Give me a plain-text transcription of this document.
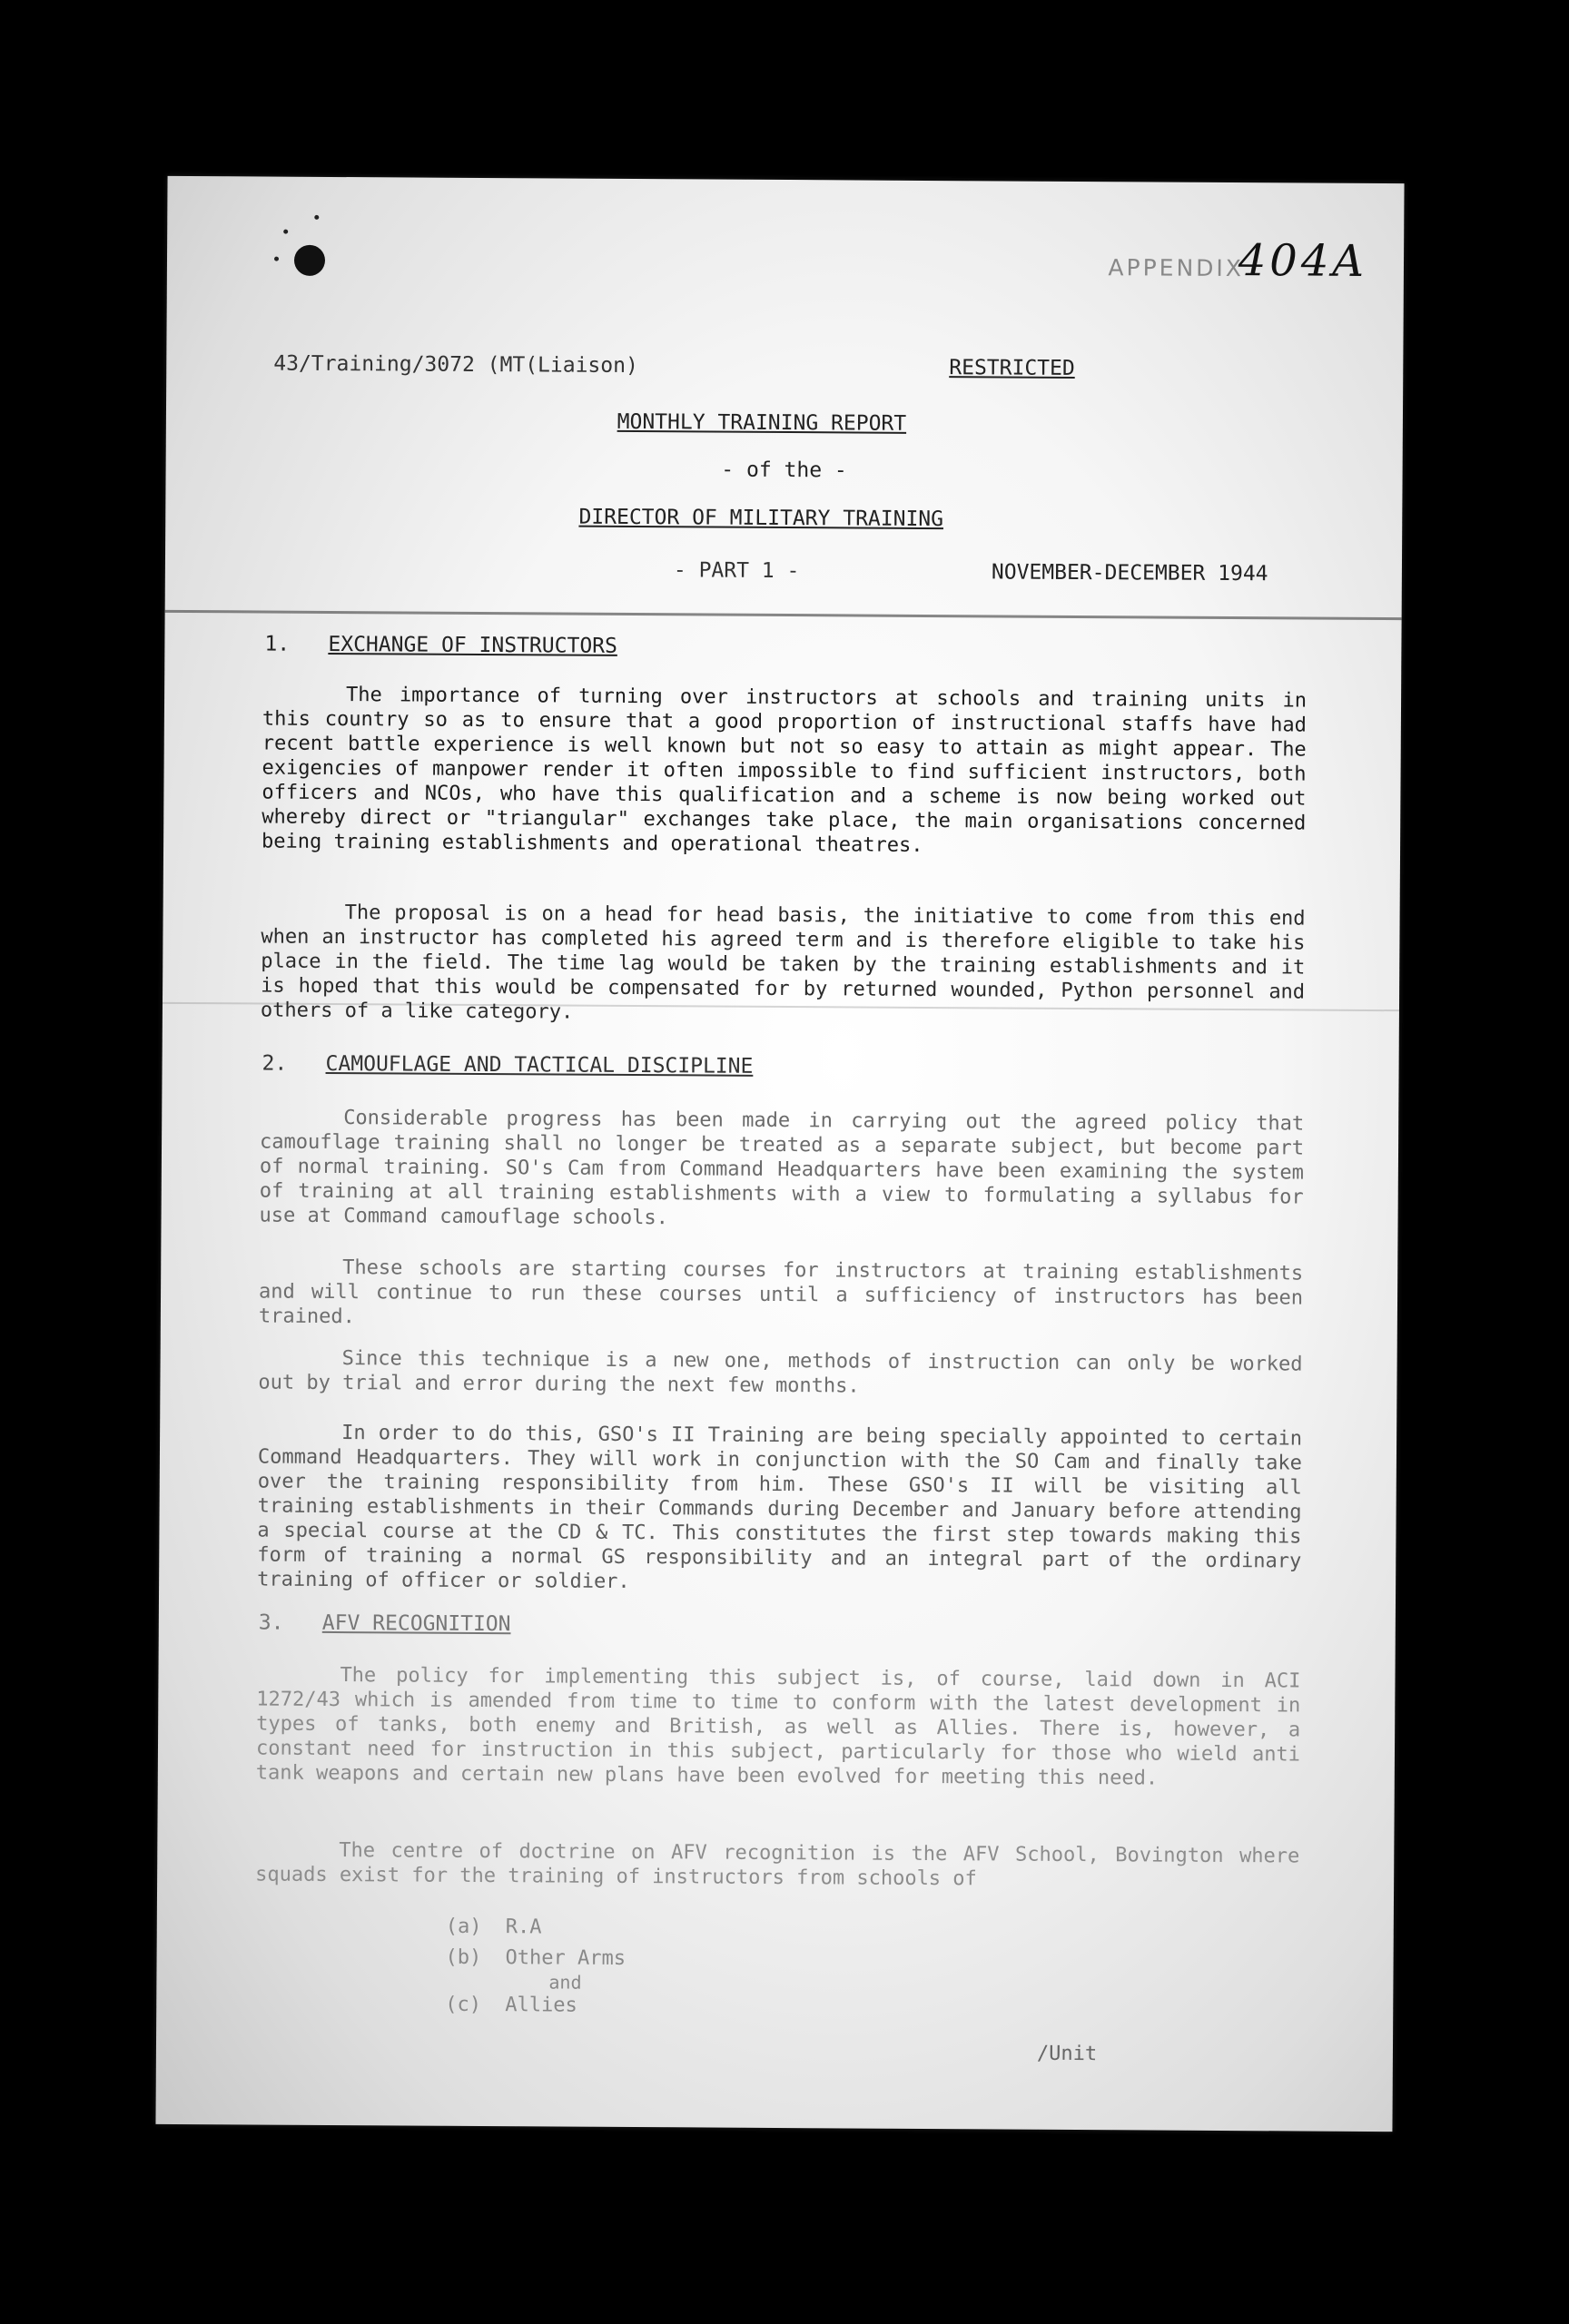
APPENDIX
404A
43/Training/3072 (MT(Liaison)	RESTRICTED
MONTHLY TRAINING REPORT
- of the -
DIRECTOR OF MILITARY TRAINING
- PART 1 -	NOVEMBER-DECEMBER 1944
1. EXCHANGE OF INSTRUCTORS

The importance of turning over instructors at schools and training units in this country so as to ensure that a good proportion of instructional staffs have had recent battle experience is well known but not so easy to attain as might appear. The exigencies of manpower render it often impossible to find sufficient instructors, both officers and NCOs, who have this qualification and a scheme is now being worked out whereby direct or "triangular" exchanges take place, the main organisations concerned being training establishments and operational theatres.

The proposal is on a head for head basis, the initiative to come from this end when an instructor has completed his agreed term and is therefore eligible to take his place in the field. The time lag would be taken by the training establishments and it is hoped that this would be compensated for by returned wounded, Python personnel and others of a like category.

2. CAMOUFLAGE AND TACTICAL DISCIPLINE

Considerable progress has been made in carrying out the agreed policy that camouflage training shall no longer be treated as a separate subject, but become part of normal training. SO's Cam from Command Headquarters have been examining the system of training at all training establishments with a view to formulating a syllabus for use at Command camouflage schools.

These schools are starting courses for instructors at training establishments and will continue to run these courses until a sufficiency of instructors has been trained.

Since this technique is a new one, methods of instruction can only be worked out by trial and error during the next few months.

In order to do this, GSO's II Training are being specially appointed to certain Command Headquarters. They will work in conjunction with the SO Cam and finally take over the training responsibility from him. These GSO's II will be visiting all training establishments in their Commands during December and January before attending a special course at the CD & TC. This constitutes the first step towards making this form of training a normal GS responsibility and an integral part of the ordinary training of officer or soldier.

3. AFV RECOGNITION

The policy for implementing this subject is, of course, laid down in ACI 1272/43 which is amended from time to time to conform with the latest development in types of tanks, both enemy and British, as well as Allies. There is, however, a constant need for instruction in this subject, particularly for those who wield anti tank weapons and certain new plans have been evolved for meeting this need.

The centre of doctrine on AFV recognition is the AFV School, Bovington where squads exist for the training of instructors from schools of

(a)	R.A
(b)	Other Arms
and
(c)	Allies
/Unit
